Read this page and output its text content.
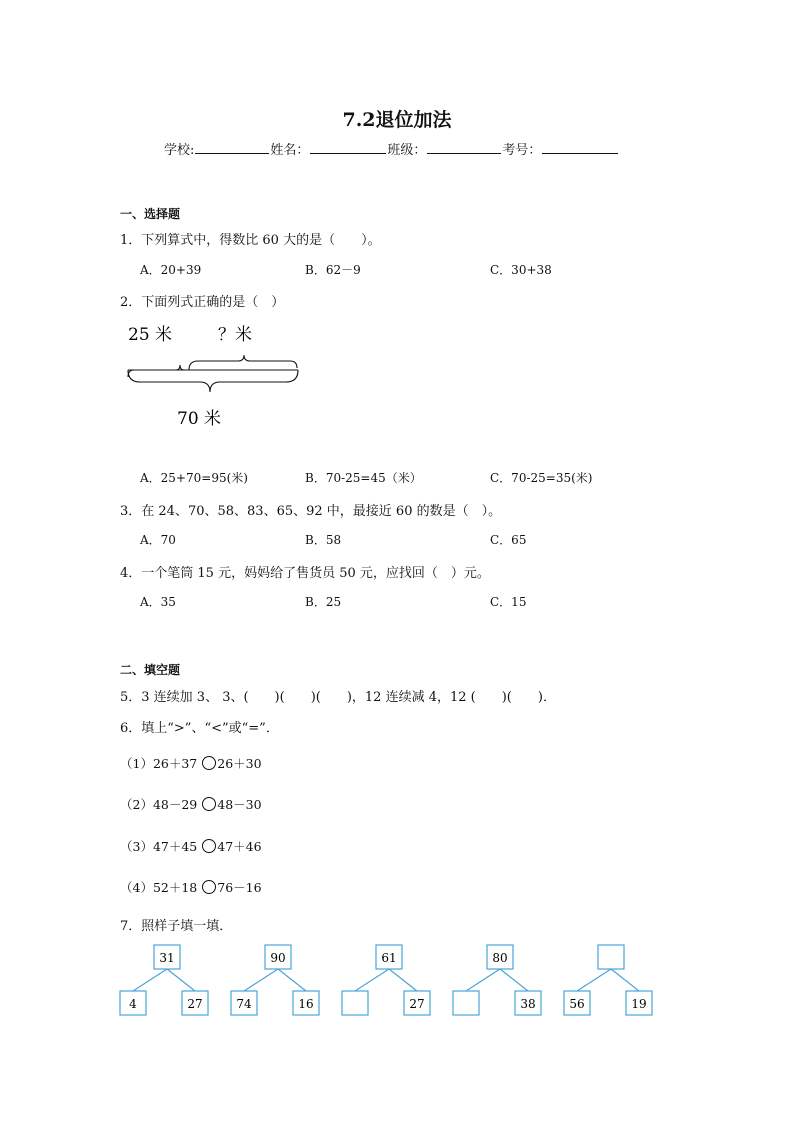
7.2退位加法
学校:	姓名：	班级：	考号：
一、选择题
1．下列算式中，得数比 60 大的是（　　）。
A．20+39	B．62－9	C．30+38
2．下面列式正确的是（　）
25 米	？米
70 米
A．25+70=95(米)	B．70-25=45（米）	C．70-25=35(米)
3．在 24、70、58、83、65、92 中，最接近 60 的数是（　）。
A．70	B．58	C．65
4．一个笔筒 15 元，妈妈给了售货员 50 元，应找回（　）元。
A．35	B．25	C．15
二、填空题
5．3 连续加 3、 3、(　　)(　　)(　　)，12 连续减 4，12 (　　)(　　)．
6．填上“>”、“<”或“=”．
（1）26＋37 26＋30
（2）48－29 48－30
（3）47＋45 47＋46
（4）52＋18 76－16
7．照样子填一填．
31
4	27
90
74	16
61
27
80
38	56	19
